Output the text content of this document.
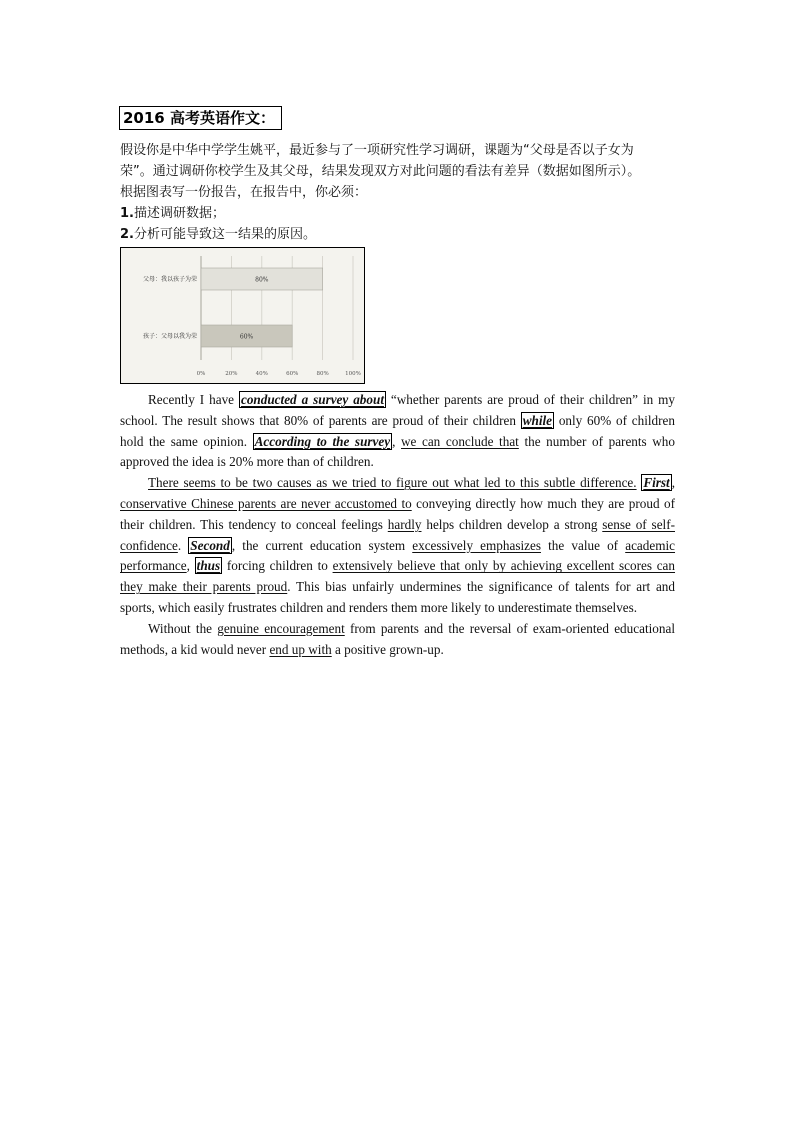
2016 高考英语作文：
假设你是中华中学学生姚平，最近参与了一项研究性学习调研，课题为“父母是否以子女为
荣”。通过调研你校学生及其父母，结果发现双方对此问题的看法有差异（数据如图所示）。
根据图表写一份报告，在报告中，你必须：
1.描述调研数据；
2.分析可能导致这一结果的原因。
0%	20%	40%	60%	80%	100%
父母：我以孩子为荣	80%
孩子：父母以我为荣	60%

Recently I have conducted a survey about “whether parents are proud of their children” in my school. The result shows that 80% of parents are proud of their children while only 60% of children hold the same opinion. According to the survey , we can conclude that the number of parents who approved the idea is 20% more than of children.

There seems to be two causes as we tried to figure out what led to this subtle difference. First , conservative Chinese parents are never accustomed to conveying directly how much they are proud of their children. This tendency to conceal feelings hardly helps children develop a strong sense of self-confidence. Second , the current education system excessively emphasizes the value of academic performance, thus forcing children to extensively believe that only by achieving excellent scores can they make their parents proud. This bias unfairly undermines the significance of talents for art and sports, which easily frustrates children and renders them more likely to underestimate themselves.

Without the genuine encouragement from parents and the reversal of exam-oriented educational methods, a kid would never end up with a positive grown-up.
